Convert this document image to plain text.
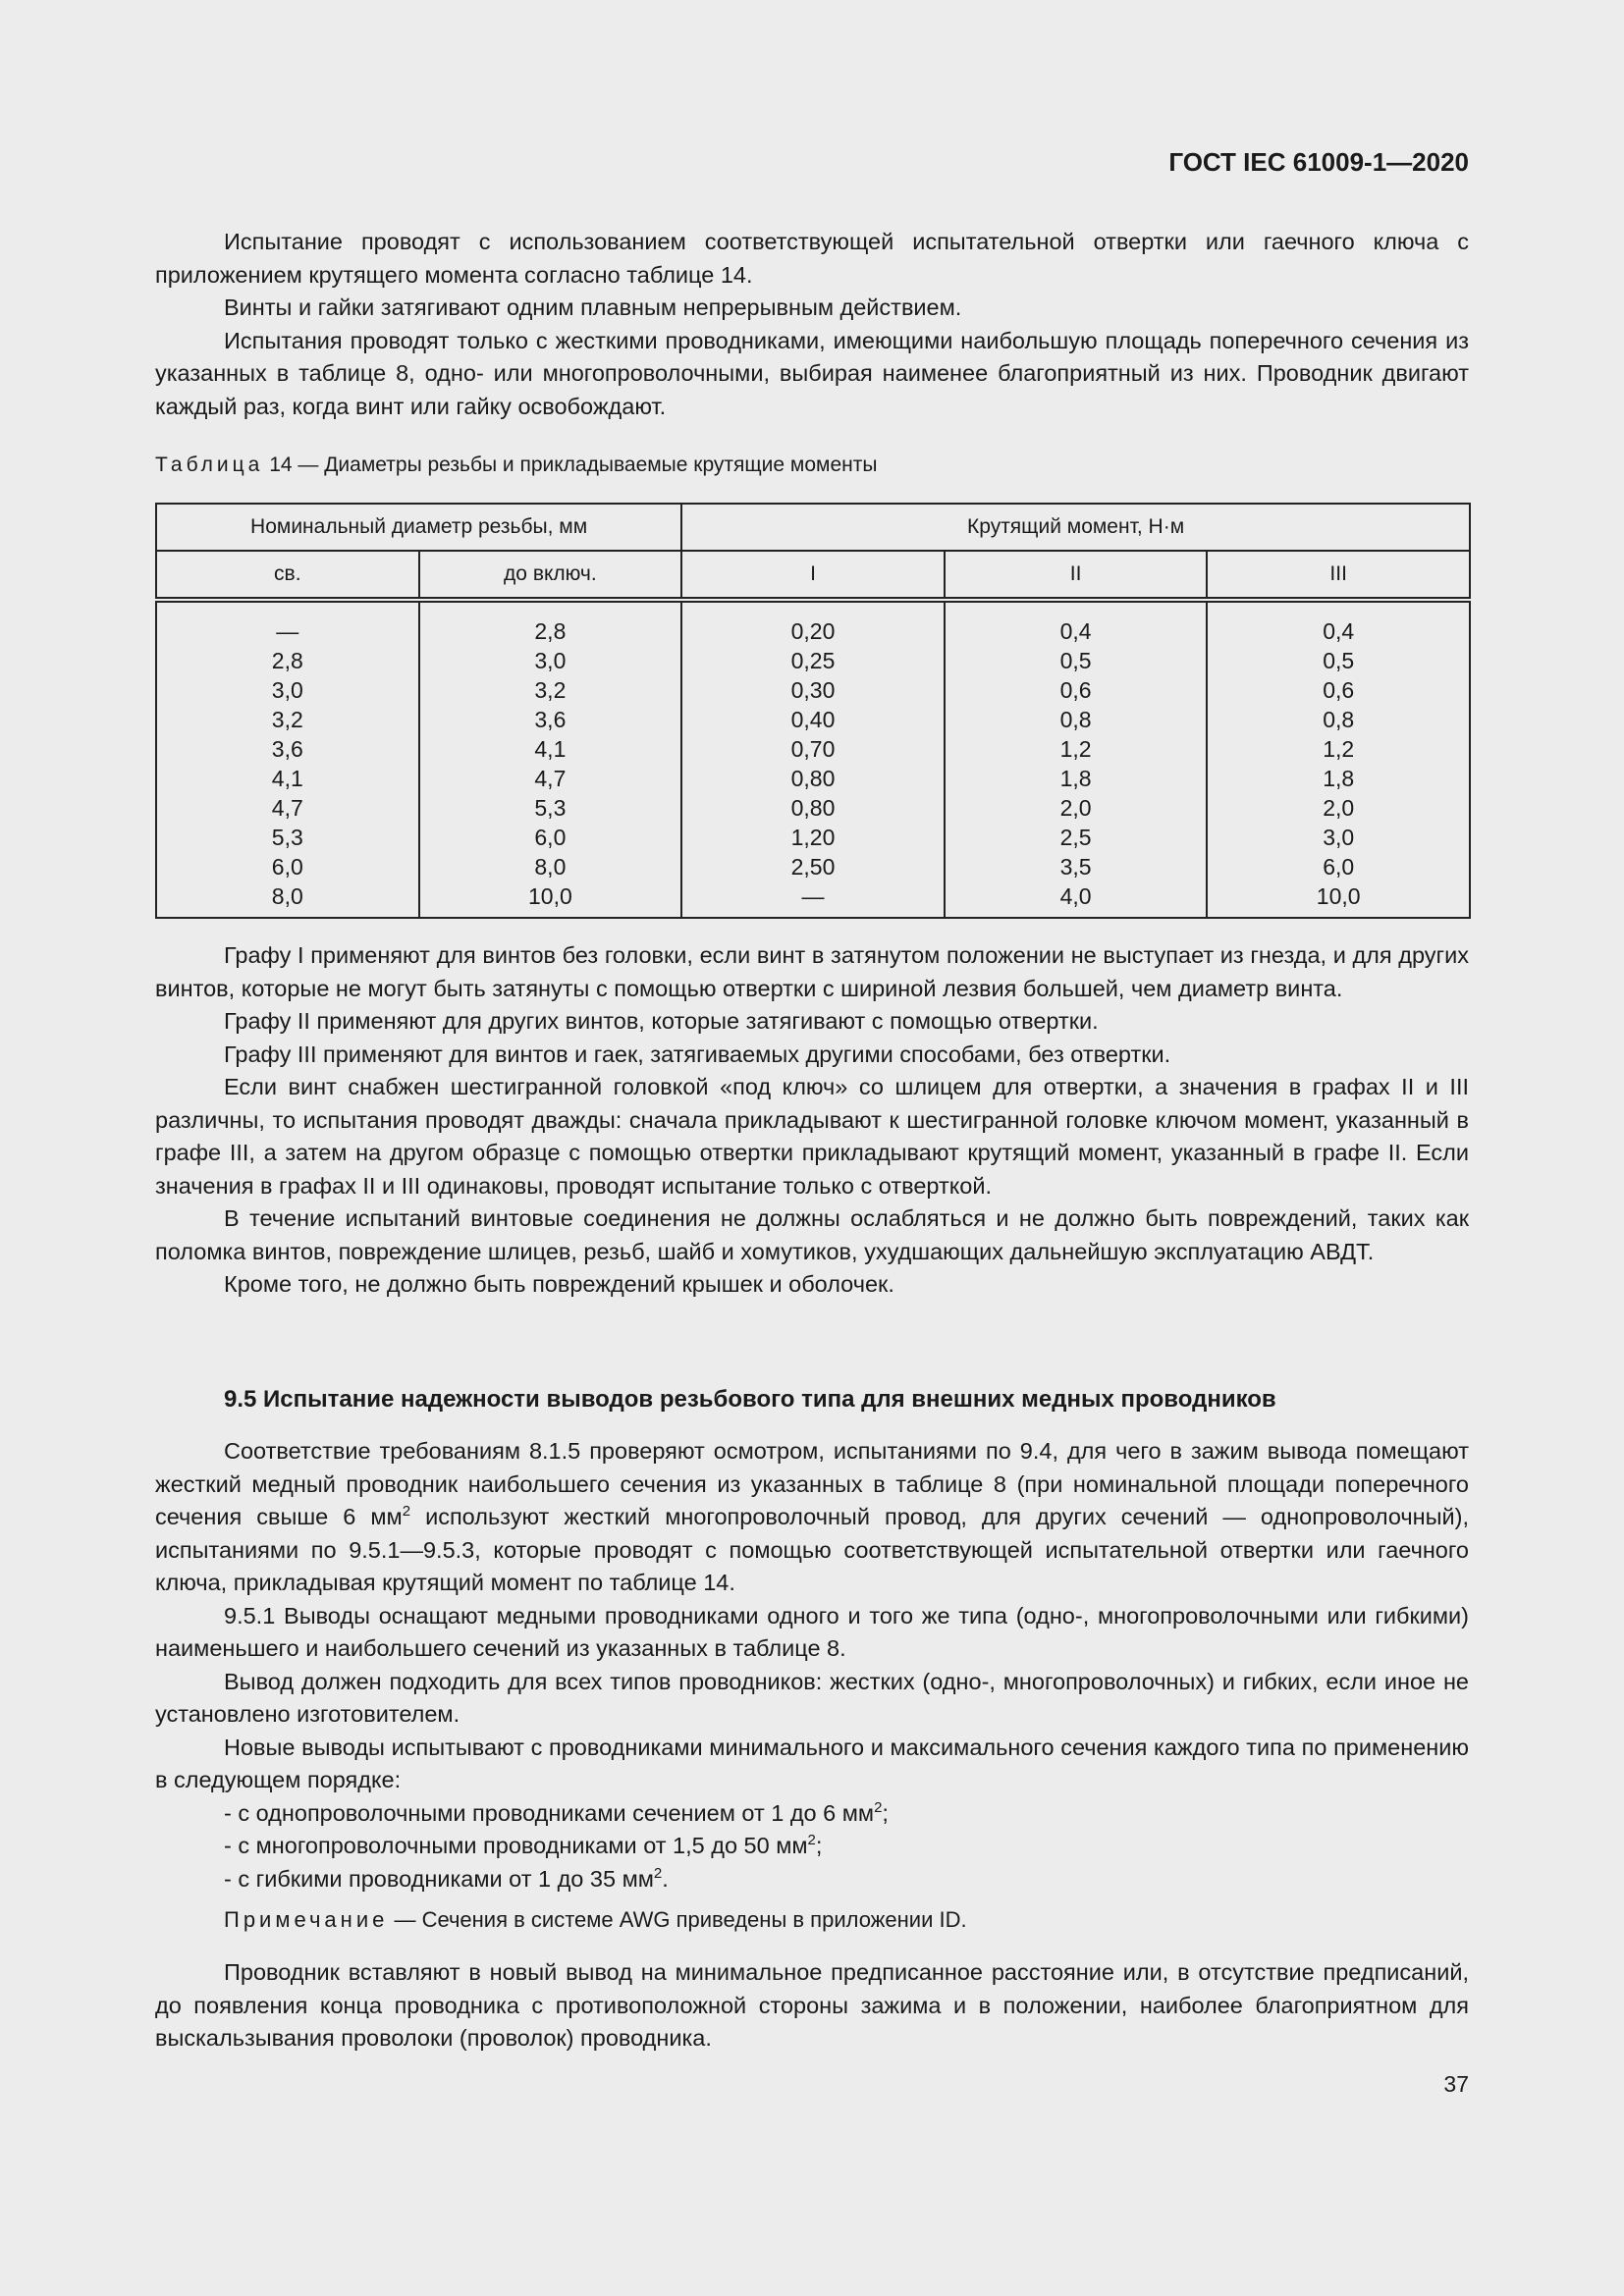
ГОСТ IEC 61009-1—2020

Испытание проводят с использованием соответствующей испытательной отвертки или гаечного ключа с приложением крутящего момента согласно таблице 14.

Винты и гайки затягивают одним плавным непрерывным действием.

Испытания проводят только с жесткими проводниками, имеющими наибольшую площадь поперечного сечения из указанных в таблице 8, одно- или многопроволочными, выбирая наименее благоприятный из них. Проводник двигают каждый раз, когда винт или гайку освобождают.

Таблица 14 — Диаметры резьбы и прикладываемые крутящие моменты
Номинальный диаметр резьбы, мм		Крутящий момент, Н·м		
св.	до включ.	I	II	III
—	2,8	0,20	0,4	0,4
2,8	3,0	0,25	0,5	0,5
3,0	3,2	0,30	0,6	0,6
3,2	3,6	0,40	0,8	0,8
3,6	4,1	0,70	1,2	1,2
4,1	4,7	0,80	1,8	1,8
4,7	5,3	0,80	2,0	2,0
5,3	6,0	1,20	2,5	3,0
6,0	8,0	2,50	3,5	6,0
8,0	10,0	—	4,0	10,0

Графу I применяют для винтов без головки, если винт в затянутом положении не выступает из гнезда, и для других винтов, которые не могут быть затянуты с помощью отвертки с шириной лезвия большей, чем диаметр винта.

Графу II применяют для других винтов, которые затягивают с помощью отвертки.

Графу III применяют для винтов и гаек, затягиваемых другими способами, без отвертки.

Если винт снабжен шестигранной головкой «под ключ» со шлицем для отвертки, а значения в графах II и III различны, то испытания проводят дважды: сначала прикладывают к шестигранной головке ключом момент, указанный в графе III, а затем на другом образце с помощью отвертки прикладывают крутящий момент, указанный в графе II. Если значения в графах II и III одинаковы, проводят испытание только с отверткой.

В течение испытаний винтовые соединения не должны ослабляться и не должно быть повреждений, таких как поломка винтов, повреждение шлицев, резьб, шайб и хомутиков, ухудшающих дальнейшую эксплуатацию АВДТ.

Кроме того, не должно быть повреждений крышек и оболочек.

9.5 Испытание надежности выводов резьбового типа для внешних медных проводников

Соответствие требованиям 8.1.5 проверяют осмотром, испытаниями по 9.4, для чего в зажим вывода помещают жесткий медный проводник наибольшего сечения из указанных в таблице 8 (при номинальной площади поперечного сечения свыше 6 $мм^2$ используют жесткий многопроволочный провод, для других сечений — однопроволочный), испытаниями по 9.5.1—9.5.3, которые проводят с помощью соответствующей испытательной отвертки или гаечного ключа, прикладывая крутящий момент по таблице 14.

9.5.1 Выводы оснащают медными проводниками одного и того же типа (одно-, многопроволочными или гибкими) наименьшего и наибольшего сечений из указанных в таблице 8.

Вывод должен подходить для всех типов проводников: жестких (одно-, многопроволочных) и гибких, если иное не установлено изготовителем.

Новые выводы испытывают с проводниками минимального и максимального сечения каждого типа по применению в следующем порядке:

- с однопроволочными проводниками сечением от 1 до 6 $мм^2$;

- с многопроволочными проводниками от 1,5 до 50 $мм^2$;

- с гибкими проводниками от 1 до 35 $мм^2$.

Примечание — Сечения в системе AWG приведены в приложении ID.

Проводник вставляют в новый вывод на минимальное предписанное расстояние или, в отсутствие предписаний, до появления конца проводника с противоположной стороны зажима и в положении, наиболее благоприятном для выскальзывания проволоки (проволок) проводника.

37
